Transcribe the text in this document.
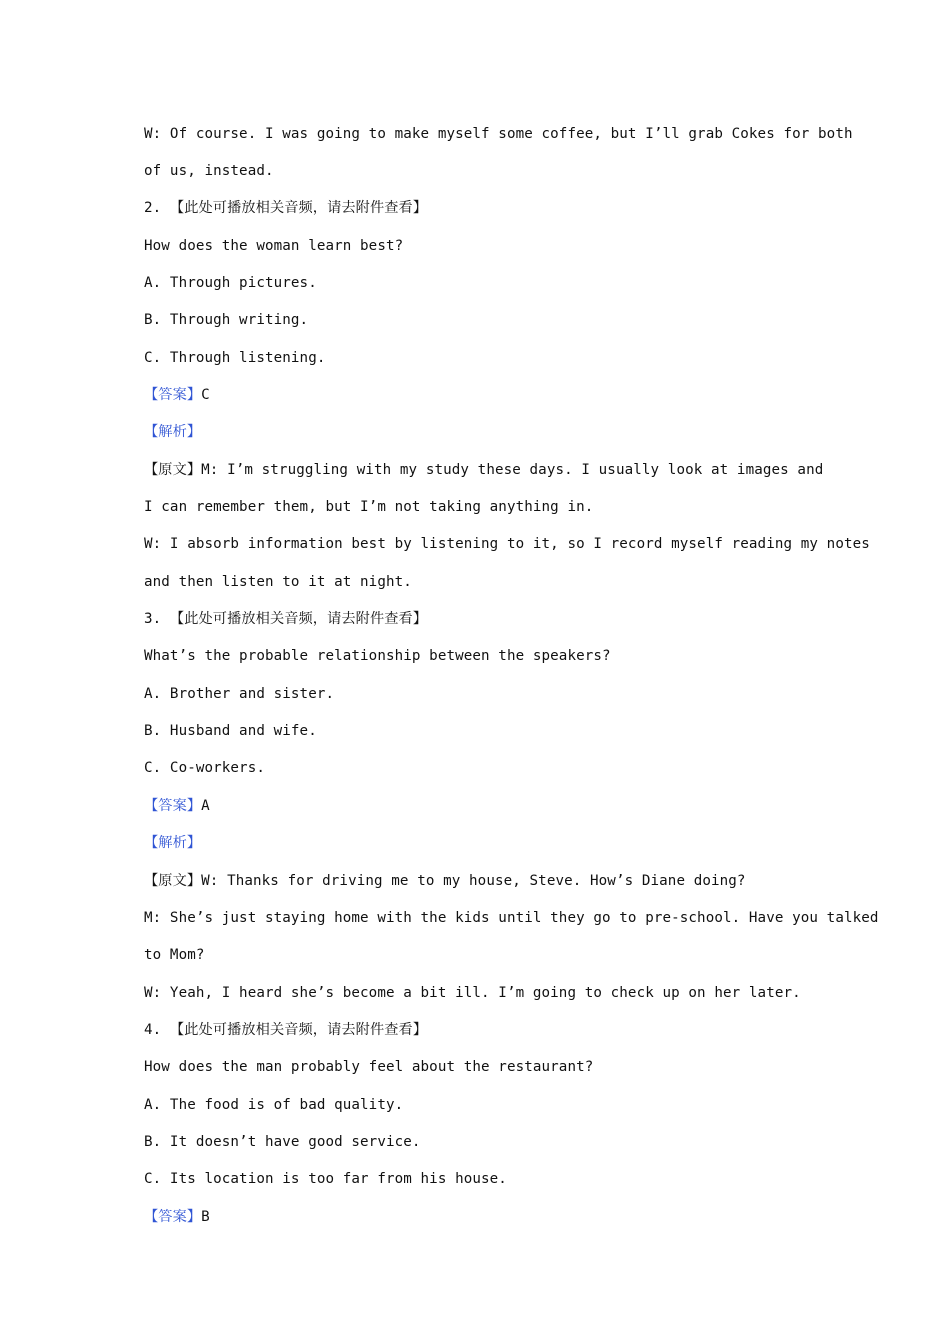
W: Of course. I was going to make myself some coffee, but I’ll grab Cokes for both
of us, instead.
2. 【此处可播放相关音频，请去附件查看】
How does the woman learn best?
A. Through pictures.
B. Through writing.
C. Through listening.
【答案】C
【解析】
【原文】M: I’m struggling with my study these days. I usually look at images and
I can remember them, but I’m not taking anything in.
W: I absorb information best by listening to it, so I record myself reading my notes
and then listen to it at night.
3. 【此处可播放相关音频，请去附件查看】
What’s the probable relationship between the speakers?
A. Brother and sister.
B. Husband and wife.
C. Co-workers.
【答案】A
【解析】
【原文】W: Thanks for driving me to my house, Steve. How’s Diane doing?
M: She’s just staying home with the kids until they go to pre-school. Have you talked
to Mom?
W: Yeah, I heard she’s become a bit ill. I’m going to check up on her later.
4. 【此处可播放相关音频，请去附件查看】
How does the man probably feel about the restaurant?
A. The food is of bad quality.
B. It doesn’t have good service.
C. Its location is too far from his house.
【答案】B
